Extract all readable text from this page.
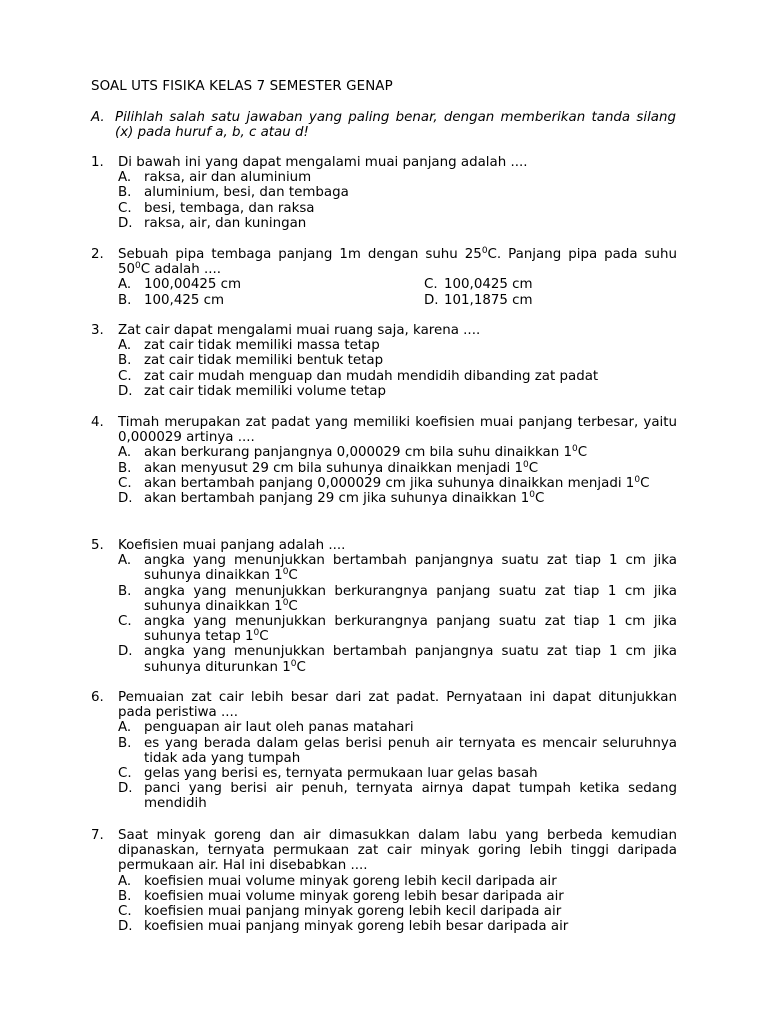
SOAL UTS FISIKA KELAS 7 SEMESTER GENAP
A. Pilihlah salah satu jawaban yang paling benar, dengan memberikan tanda silang (x) pada huruf a, b, c atau d!
1. Di bawah ini yang dapat mengalami muai panjang adalah ....
A. raksa, air dan aluminium
B. aluminium, besi, dan tembaga
C. besi, tembaga, dan raksa
D. raksa, air, dan kuningan
2. Sebuah pipa tembaga panjang 1m dengan suhu $25^0C$. Panjang pipa pada suhu $50^0C$ adalah ....
A. 100,00425 cm
B. 100,425 cm
C. 100,0425 cm
D. 101,1875 cm
3. Zat cair dapat mengalami muai ruang saja, karena ....
A. zat cair tidak memiliki massa tetap
B. zat cair tidak memiliki bentuk tetap
C. zat cair mudah menguap dan mudah mendidih dibanding zat padat
D. zat cair tidak memiliki volume tetap
4. Timah merupakan zat padat yang memiliki koefisien muai panjang terbesar, yaitu 0,000029 artinya ....
A. akan berkurang panjangnya 0,000029 cm bila suhu dinaikkan $1^0C$
B. akan menyusut 29 cm bila suhunya dinaikkan menjadi $1^0C$
C. akan bertambah panjang 0,000029 cm jika suhunya dinaikkan menjadi $1^0C$
D. akan bertambah panjang 29 cm jika suhunya dinaikkan $1^0C$
5. Koefisien muai panjang adalah ....
A. angka yang menunjukkan bertambah panjangnya suatu zat tiap 1 cm jika suhunya dinaikkan $1^0C$
B. angka yang menunjukkan berkurangnya panjang suatu zat tiap 1 cm jika suhunya dinaikkan $1^0C$
C. angka yang menunjukkan berkurangnya panjang suatu zat tiap 1 cm jika suhunya tetap $1^0C$
D. angka yang menunjukkan bertambah panjangnya suatu zat tiap 1 cm jika suhunya diturunkan $1^0C$
6. Pemuaian zat cair lebih besar dari zat padat. Pernyataan ini dapat ditunjukkan pada peristiwa ....
A. penguapan air laut oleh panas matahari
B. es yang berada dalam gelas berisi penuh air ternyata es mencair seluruhnya tidak ada yang tumpah
C. gelas yang berisi es, ternyata permukaan luar gelas basah
D. panci yang berisi air penuh, ternyata airnya dapat tumpah ketika sedang mendidih
7. Saat minyak goreng dan air dimasukkan dalam labu yang berbeda kemudian dipanaskan, ternyata permukaan zat cair minyak goring lebih tinggi daripada permukaan air. Hal ini disebabkan ....
A. koefisien muai volume minyak goreng lebih kecil daripada air
B. koefisien muai volume minyak goreng lebih besar daripada air
C. koefisien muai panjang minyak goreng lebih kecil daripada air
D. koefisien muai panjang minyak goreng lebih besar daripada air
